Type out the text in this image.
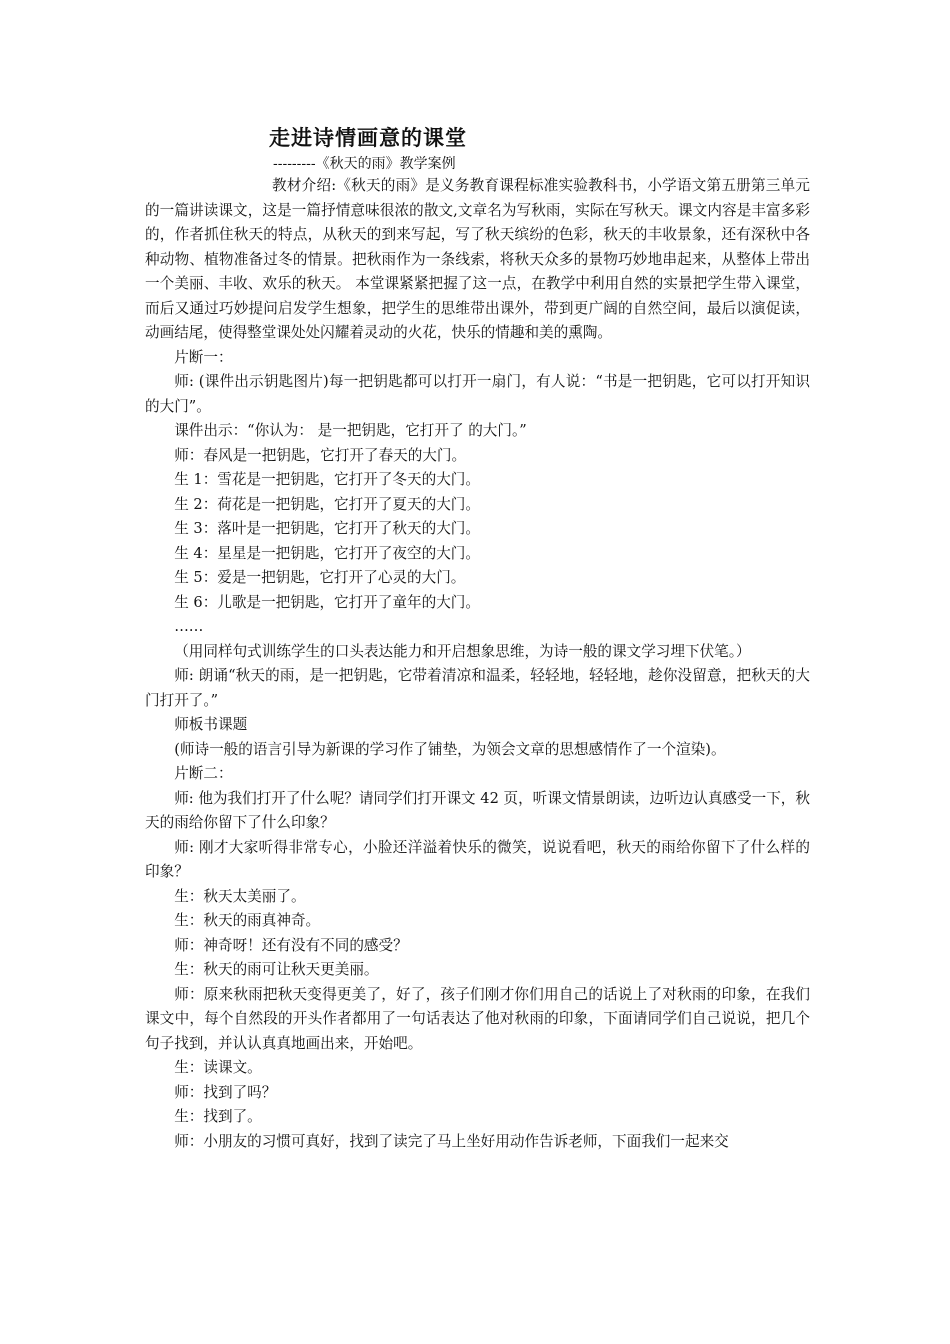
走进诗情画意的课堂
---------《秋天的雨》教学案例

教材介绍:《秋天的雨》是义务教育课程标准实验教科书，小学语文第五册第三单元的一篇讲读课文，这是一篇抒情意味很浓的散文,文章名为写秋雨，实际在写秋天。课文内容是丰富多彩的，作者抓住秋天的特点，从秋天的到来写起，写了秋天缤纷的色彩，秋天的丰收景象，还有深秋中各种动物、植物准备过冬的情景。把秋雨作为一条线索，将秋天众多的景物巧妙地串起来，从整体上带出一个美丽、丰收、欢乐的秋天。 本堂课紧紧把握了这一点，在教学中利用自然的实景把学生带入课堂，而后又通过巧妙提问启发学生想象，把学生的思维带出课外，带到更广阔的自然空间，最后以演促读，动画结尾，使得整堂课处处闪耀着灵动的火花，快乐的情趣和美的熏陶。

片断一：

师: (课件出示钥匙图片)每一把钥匙都可以打开一扇门，有人说：“书是一把钥匙，它可以打开知识的大门”。

课件出示：“你认为： 是一把钥匙，它打开了 的大门。”

师：春风是一把钥匙，它打开了春天的大门。

生 1：雪花是一把钥匙，它打开了冬天的大门。

生 2：荷花是一把钥匙，它打开了夏天的大门。

生 3：落叶是一把钥匙，它打开了秋天的大门。

生 4：星星是一把钥匙，它打开了夜空的大门。

生 5：爱是一把钥匙，它打开了心灵的大门。

生 6：儿歌是一把钥匙，它打开了童年的大门。

……

（用同样句式训练学生的口头表达能力和开启想象思维，为诗一般的课文学习埋下伏笔。）

师: 朗诵“秋天的雨，是一把钥匙，它带着清凉和温柔，轻轻地，轻轻地，趁你没留意，把秋天的大门打开了。”

师板书课题

(师诗一般的语言引导为新课的学习作了铺垫，为领会文章的思想感情作了一个渲染)。

片断二：

师: 他为我们打开了什么呢？请同学们打开课文 42 页，听课文情景朗读，边听边认真感受一下，秋天的雨给你留下了什么印象？

师: 刚才大家听得非常专心，小脸还洋溢着快乐的微笑，说说看吧，秋天的雨给你留下了什么样的印象？

生：秋天太美丽了。

生：秋天的雨真神奇。

师：神奇呀！还有没有不同的感受？

生：秋天的雨可让秋天更美丽。

师：原来秋雨把秋天变得更美了，好了，孩子们刚才你们用自己的话说上了对秋雨的印象，在我们课文中，每个自然段的开头作者都用了一句话表达了他对秋雨的印象，下面请同学们自己说说，把几个句子找到，并认认真真地画出来，开始吧。

生：读课文。

师：找到了吗？

生：找到了。

师：小朋友的习惯可真好，找到了读完了马上坐好用动作告诉老师，下面我们一起来交
